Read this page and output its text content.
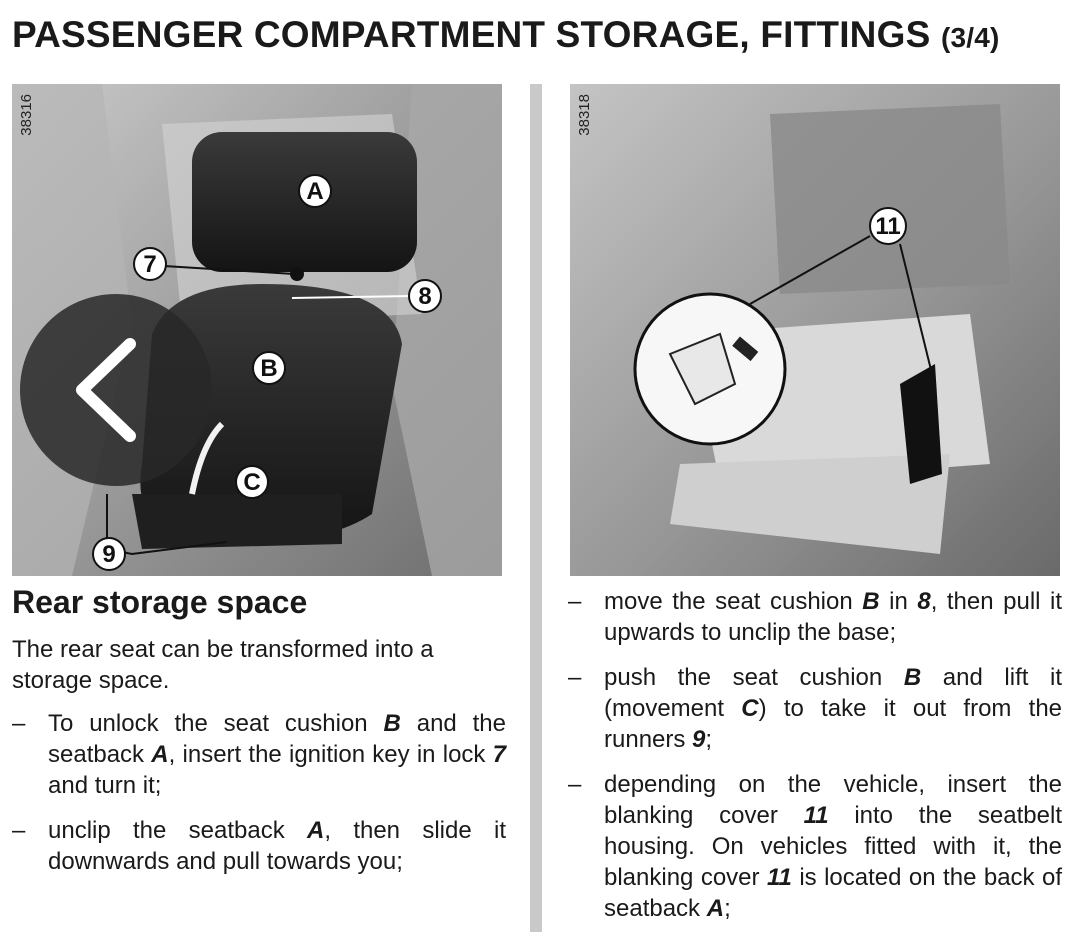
PASSENGER COMPARTMENT STORAGE, FITTINGS (3/4)
A
7
8
B
C
9
38316
11
38318
Rear storage space

The rear seat can be transformed into a storage space.

– To unlock the seat cushion B and the seatback A, insert the ignition key in lock 7 and turn it;
– unclip the seatback A, then slide it downwards and pull towards you;
– move the seat cushion B in 8, then pull it upwards to unclip the base;
– push the seat cushion B and lift it (movement C) to take it out from the runners 9;
– depending on the vehicle, insert the blanking cover 11 into the seatbelt housing. On vehicles fitted with it, the blanking cover 11 is located on the back of seatback A;
